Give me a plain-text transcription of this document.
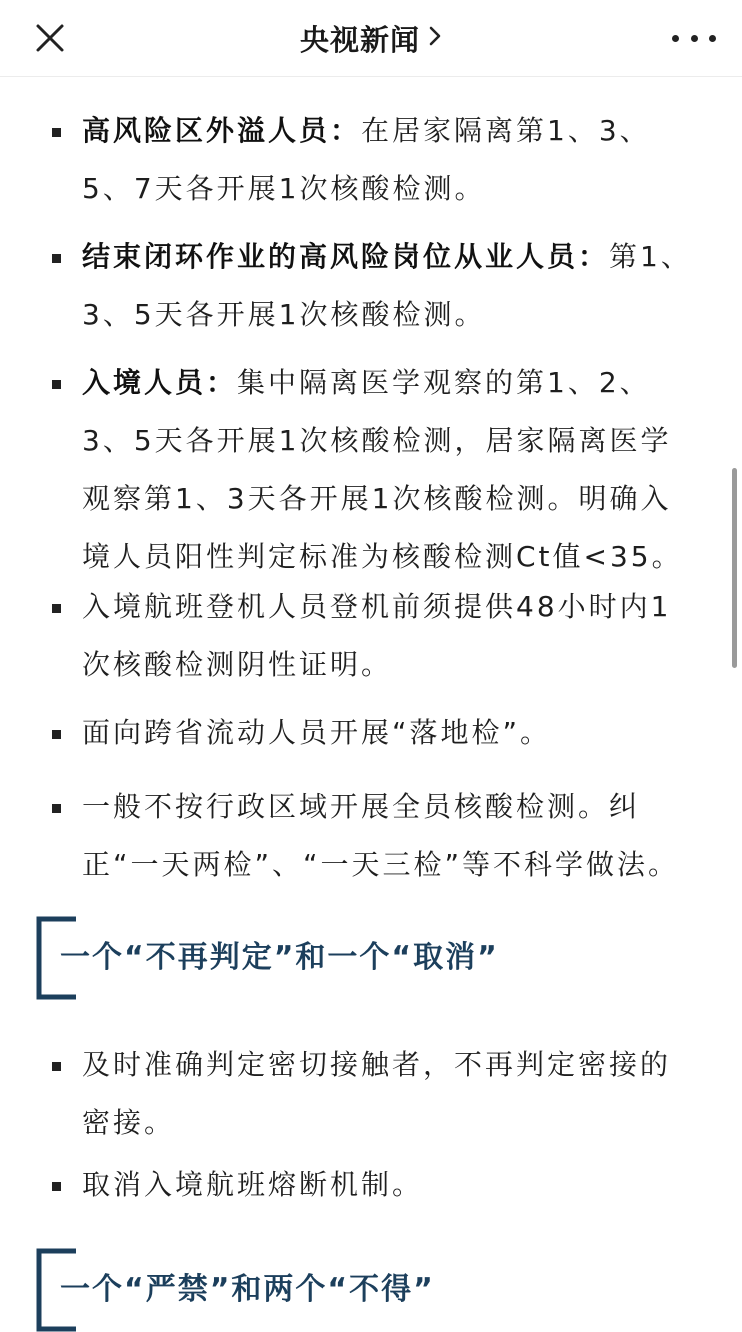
央视新闻
高风险区外溢人员：在居家隔离第1、3、5、7天各开展1次核酸检测。
结束闭环作业的高风险岗位从业人员：第1、3、5天各开展1次核酸检测。
入境人员：集中隔离医学观察的第1、2、3、5天各开展1次核酸检测，居家隔离医学观察第1、3天各开展1次核酸检测。明确入境人员阳性判定标准为核酸检测Ct值<35。
入境航班登机人员登机前须提供48小时内1次核酸检测阴性证明。
面向跨省流动人员开展“落地检”。
一般不按行政区域开展全员核酸检测。纠正“一天两检”、“一天三检”等不科学做法。
一个“不再判定”和一个“取消”
及时准确判定密切接触者，不再判定密接的密接。
取消入境航班熔断机制。
一个“严禁”和两个“不得”
